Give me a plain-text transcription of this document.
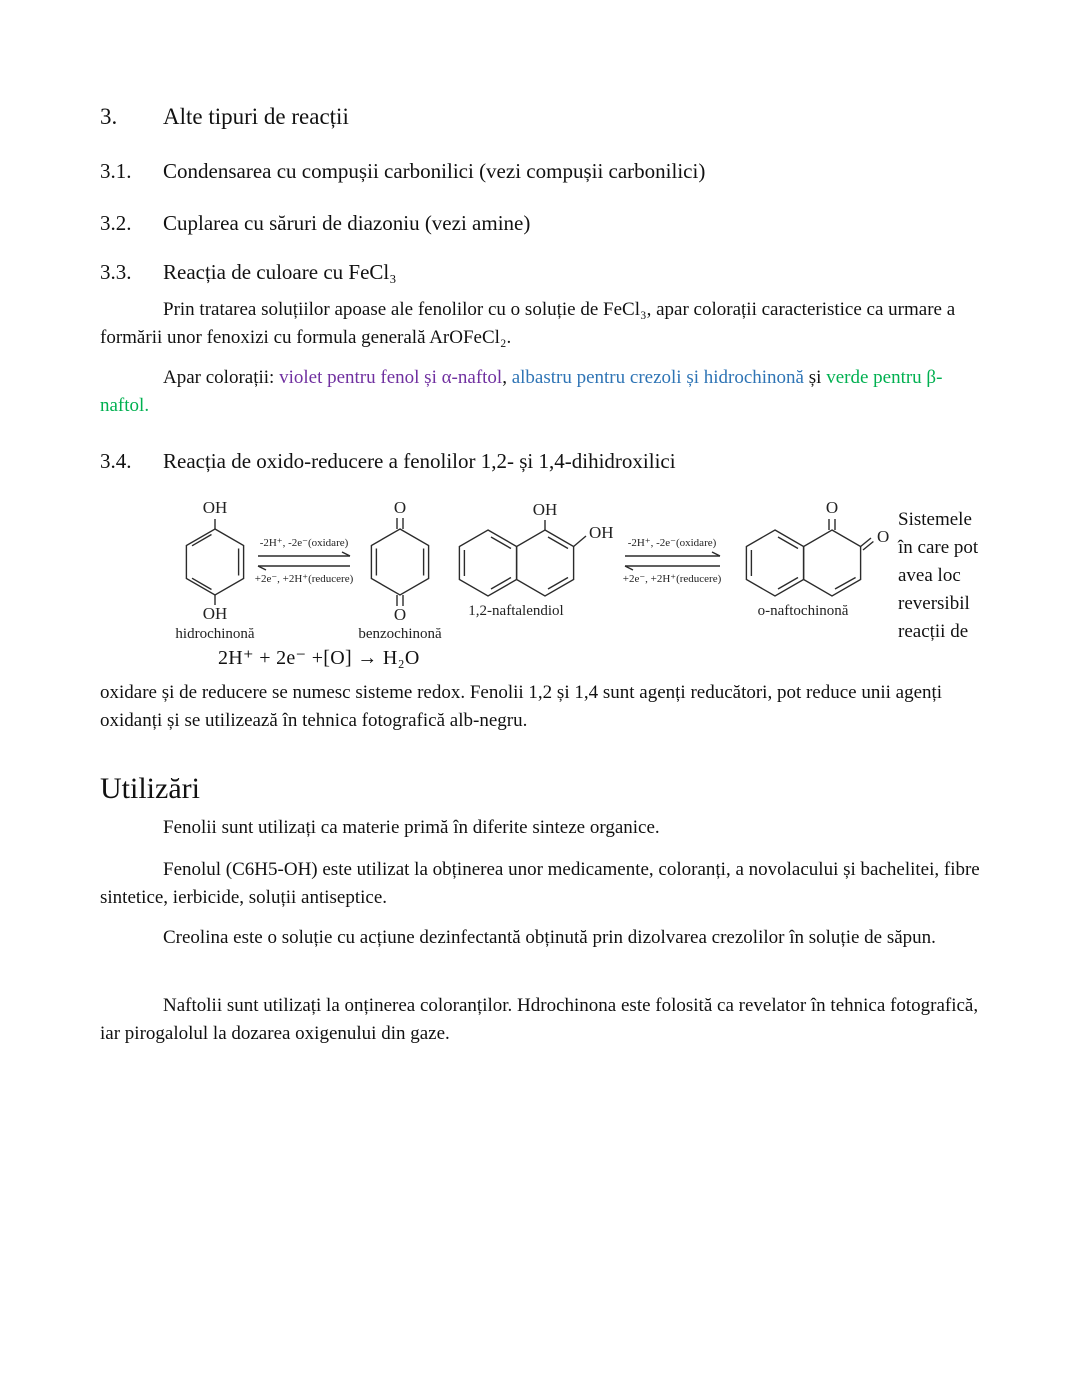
3. Alte tipuri de reacții
3.1. Condensarea cu compușii carbonilici (vezi compușii carbonilici)
3.2. Cuplarea cu săruri de diazoniu (vezi amine)
3.3. Reacția de culoare cu FeCl₃
Prin tratarea soluțiilor apoase ale fenolilor cu o soluție de FeCl₃, apar colorații caracteristice ca urmare a formării unor fenoxizi cu formula generală ArOFeCl₂.
Apar colorații: violet pentru fenol și α-naftol, albastru pentru crezoli și hidrochinonă și verde pentru β-naftol.
3.4. Reacția de oxido-reducere a fenolilor 1,2- și 1,4-dihidroxilici
OH
OH
hidrochinonă
-2H⁺, -2e⁻(oxidare)
+2e⁻, +2H⁺(reducere)
O
O
benzochinonă
OH
OH
1,2-naftalendiol
-2H⁺, -2e⁻(oxidare)
+2e⁻, +2H⁺(reducere)
O
O
o-naftochinonă
Sistemele în care pot avea loc reversibil reacții de
2H⁺ + 2e⁻ +[O] → H₂O
oxidare și de reducere se numesc sisteme redox. Fenolii 1,2 și 1,4 sunt agenți reducători, pot reduce unii agenți oxidanți și se utilizează în tehnica fotografică alb-negru.
Utilizări
Fenolii sunt utilizați ca materie primă în diferite sinteze organice.
Fenolul (C6H5-OH) este utilizat la obținerea unor medicamente, coloranți, a novolacului și bachelitei, fibre sintetice, ierbicide, soluții antiseptice.
Creolina este o soluție cu acțiune dezinfectantă obținută prin dizolvarea crezolilor în soluție de săpun.
Naftolii sunt utilizați la onținerea coloranților. Hdrochinona este folosită ca revelator în tehnica fotografică, iar pirogalolul la dozarea oxigenului din gaze.
